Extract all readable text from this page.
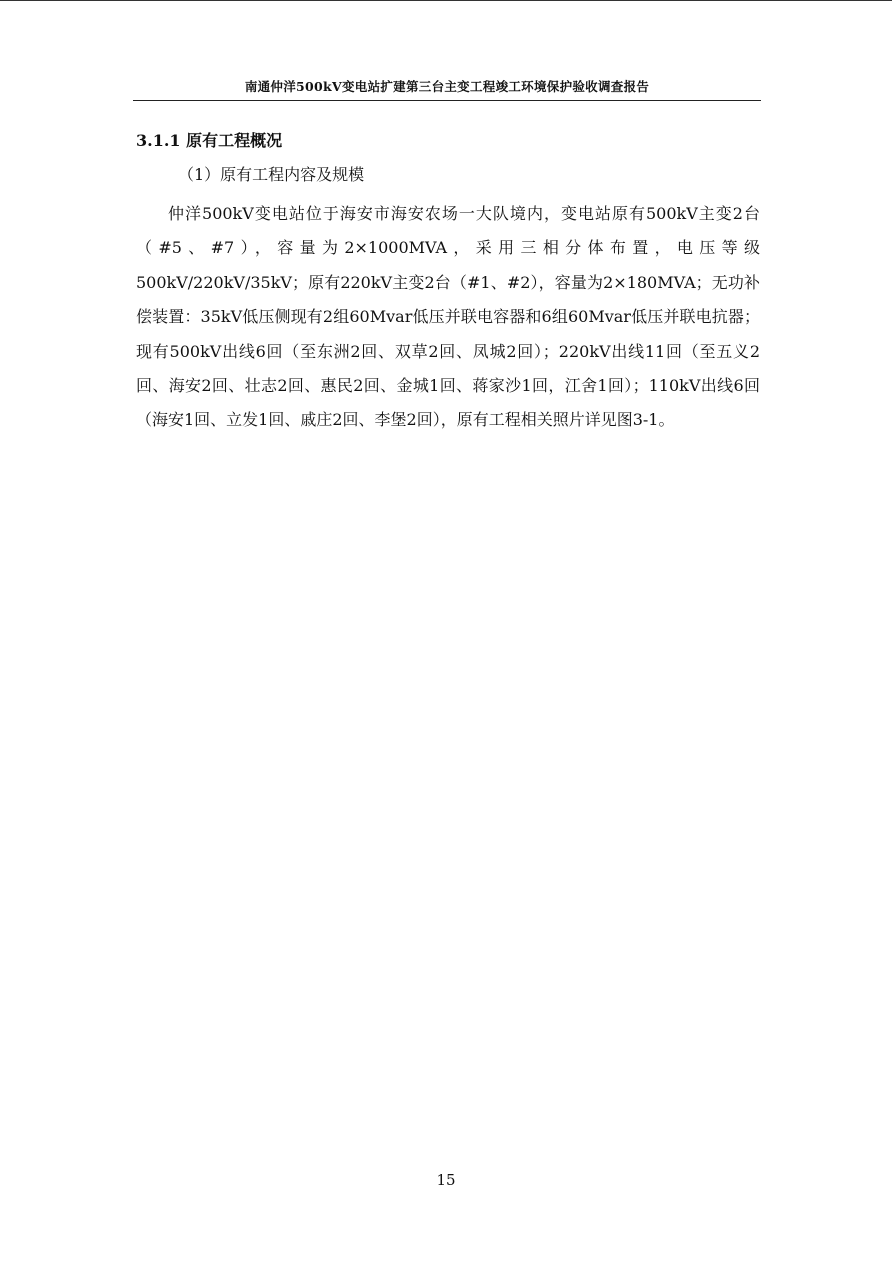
南通仲洋500kV变电站扩建第三台主变工程竣工环境保护验收调查报告
3.1.1 原有工程概况
（1）原有工程内容及规模

仲洋500kV变电站位于海安市海安农场一大队境内，变电站原有500kV主变2台（#5、#7），容量为2×1000MVA，采用三相分体布置，电压等级500kV/220kV/35kV；原有220kV主变2台（#1、#2），容量为2×180MVA；无功补偿装置：35kV低压侧现有2组60Mvar低压并联电容器和6组60Mvar低压并联电抗器；现有500kV出线6回（至东洲2回、双草2回、凤城2回）；220kV出线11回（至五义2回、海安2回、壮志2回、惠民2回、金城1回、蒋家沙1回，江舍1回）；110kV出线6回（海安1回、立发1回、戚庄2回、李堡2回），原有工程相关照片详见图3-1。

15
